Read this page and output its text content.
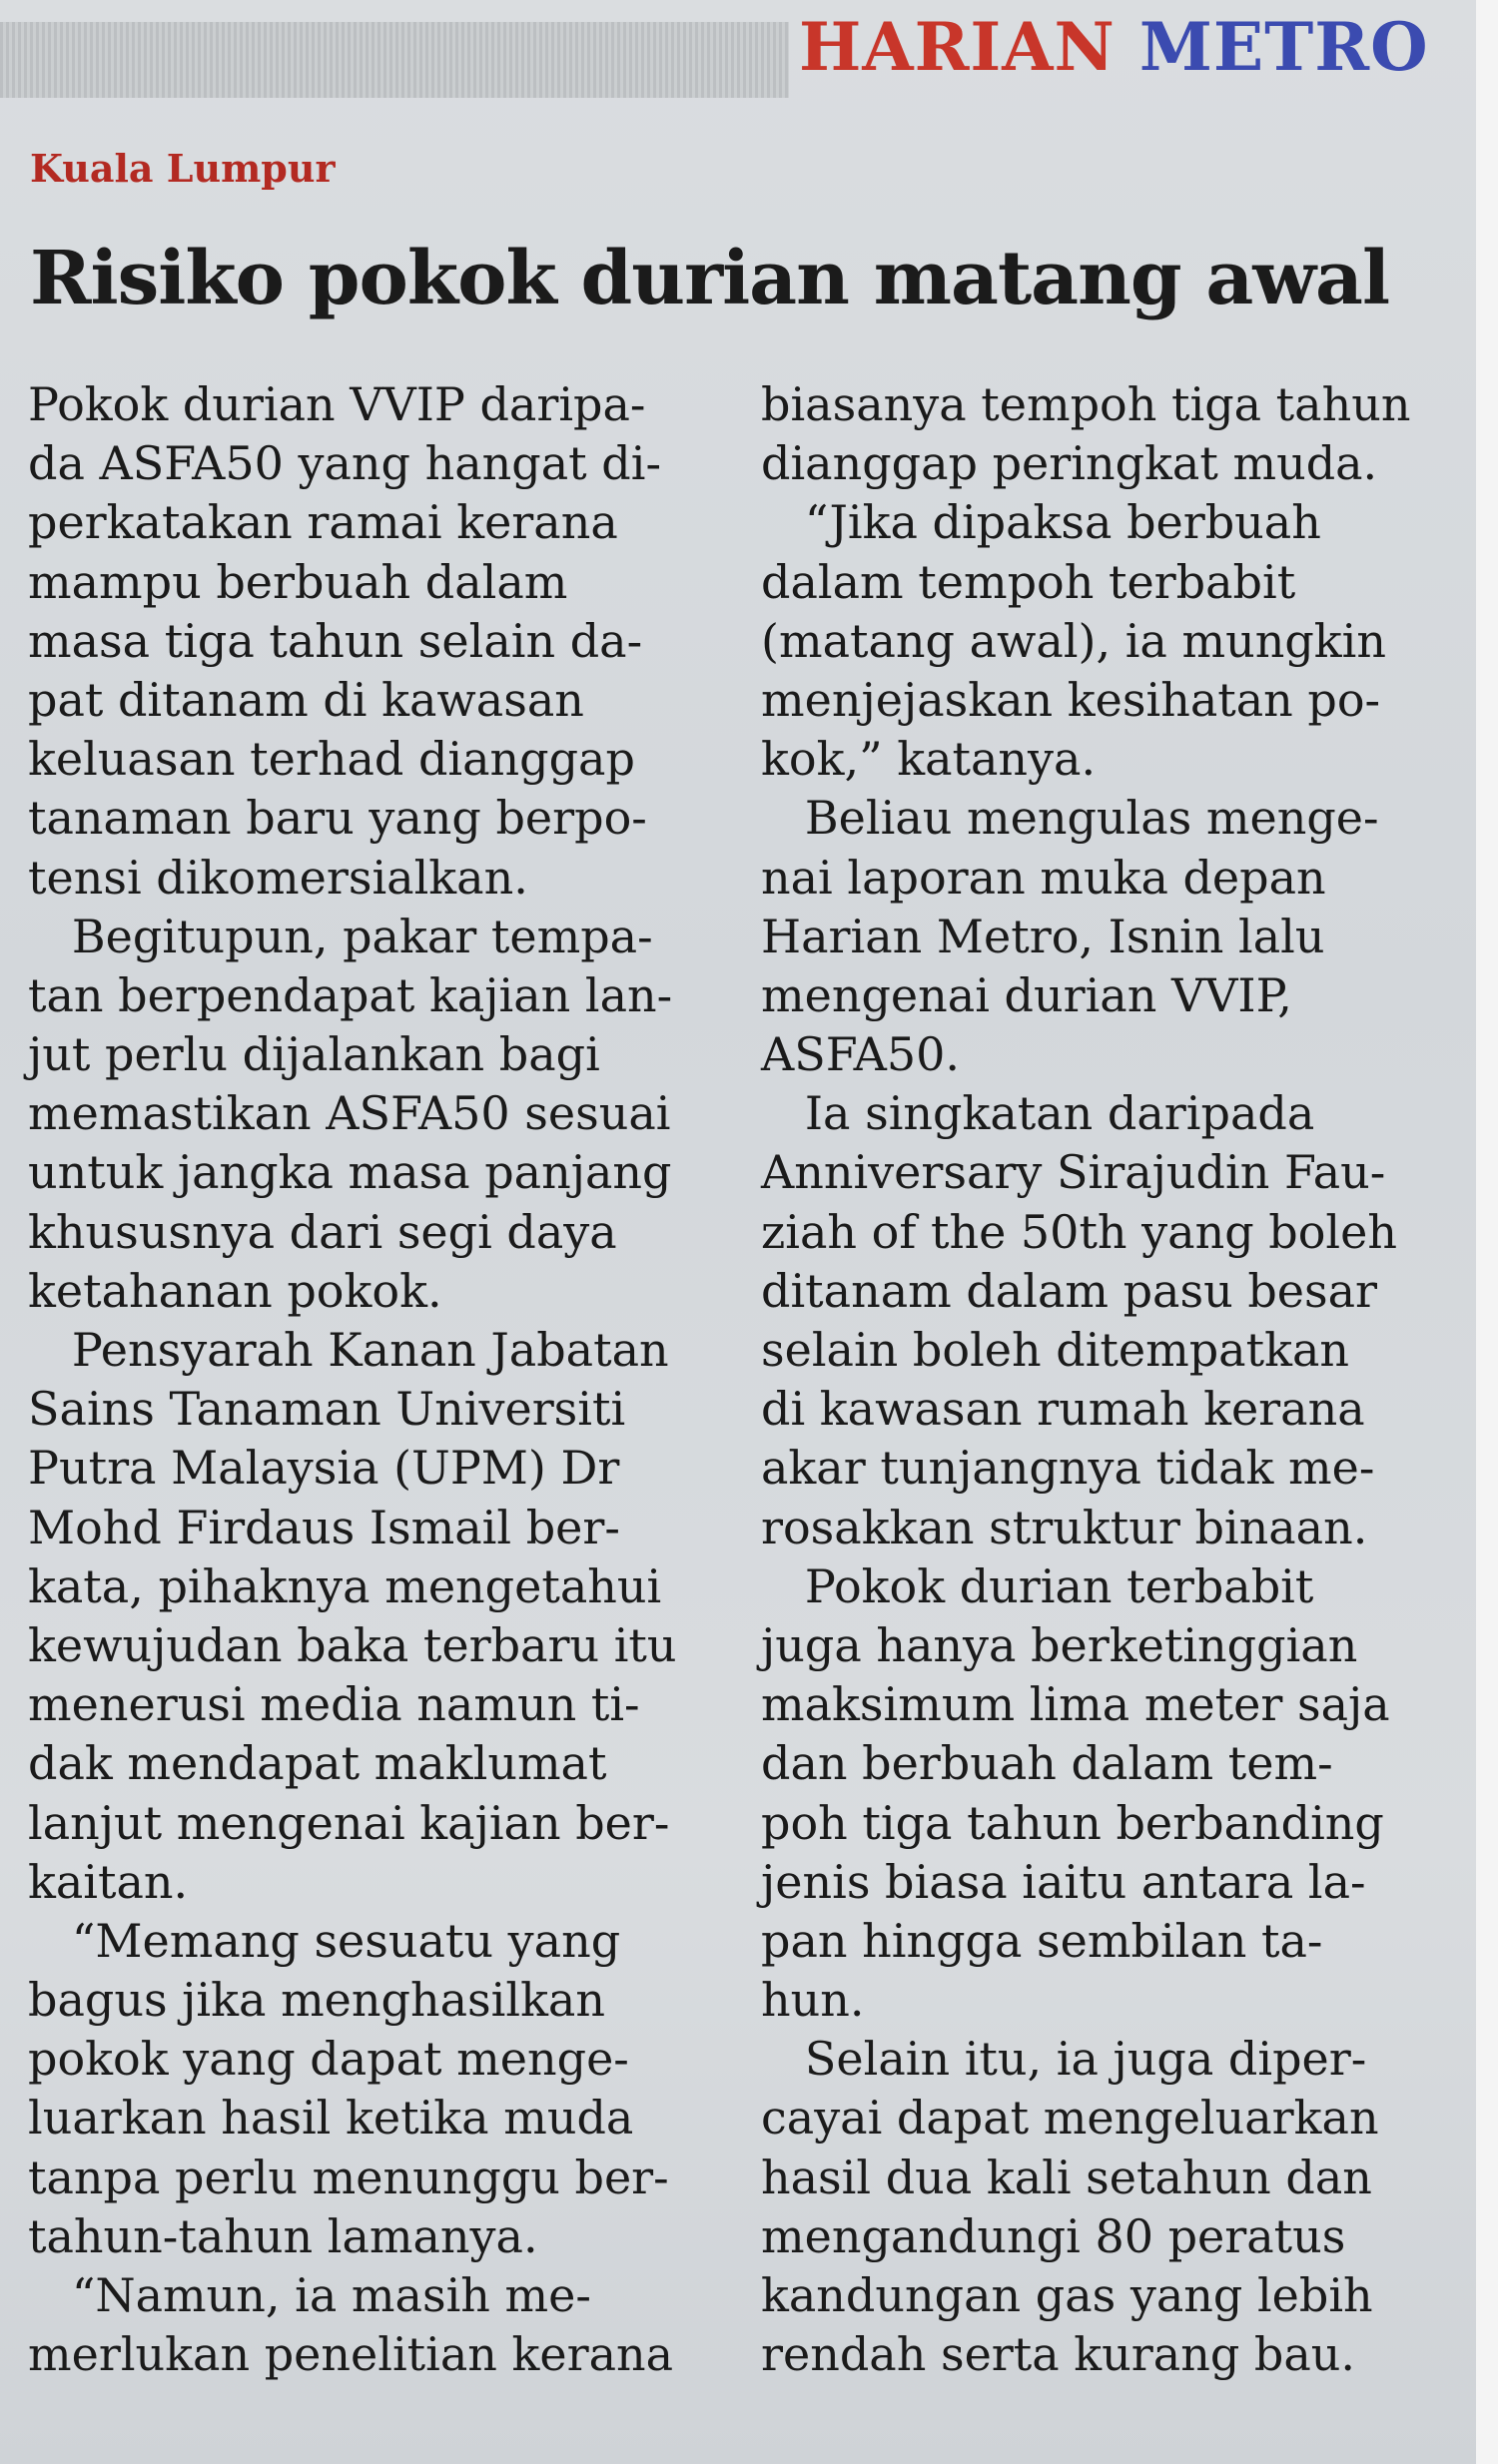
HARIAN METRO
Kuala Lumpur
Risiko pokok durian matang awal
Pokok durian VVIP daripa-
da ASFA50 yang hangat di-
perkatakan ramai kerana
mampu berbuah dalam
masa tiga tahun selain da-
pat ditanam di kawasan
keluasan terhad dianggap
tanaman baru yang berpo-
tensi dikomersialkan.
Begitupun, pakar tempa-
tan berpendapat kajian lan-
jut perlu dijalankan bagi
memastikan ASFA50 sesuai
untuk jangka masa panjang
khususnya dari segi daya
ketahanan pokok.
Pensyarah Kanan Jabatan
Sains Tanaman Universiti
Putra Malaysia (UPM) Dr
Mohd Firdaus Ismail ber-
kata, pihaknya mengetahui
kewujudan baka terbaru itu
menerusi media namun ti-
dak mendapat maklumat
lanjut mengenai kajian ber-
kaitan.
“Memang sesuatu yang
bagus jika menghasilkan
pokok yang dapat menge-
luarkan hasil ketika muda
tanpa perlu menunggu ber-
tahun-tahun lamanya.
“Namun, ia masih me-
merlukan penelitian kerana
biasanya tempoh tiga tahun
dianggap peringkat muda.
“Jika dipaksa berbuah
dalam tempoh terbabit
(matang awal), ia mungkin
menjejaskan kesihatan po-
kok,” katanya.
Beliau mengulas menge-
nai laporan muka depan
Harian Metro, Isnin lalu
mengenai durian VVIP,
ASFA50.
Ia singkatan daripada
Anniversary Sirajudin Fau-
ziah of the 50th yang boleh
ditanam dalam pasu besar
selain boleh ditempatkan
di kawasan rumah kerana
akar tunjangnya tidak me-
rosakkan struktur binaan.
Pokok durian terbabit
juga hanya berketinggian
maksimum lima meter saja
dan berbuah dalam tem-
poh tiga tahun berbanding
jenis biasa iaitu antara la-
pan hingga sembilan ta-
hun.
Selain itu, ia juga diper-
cayai dapat mengeluarkan
hasil dua kali setahun dan
mengandungi 80 peratus
kandungan gas yang lebih
rendah serta kurang bau.
